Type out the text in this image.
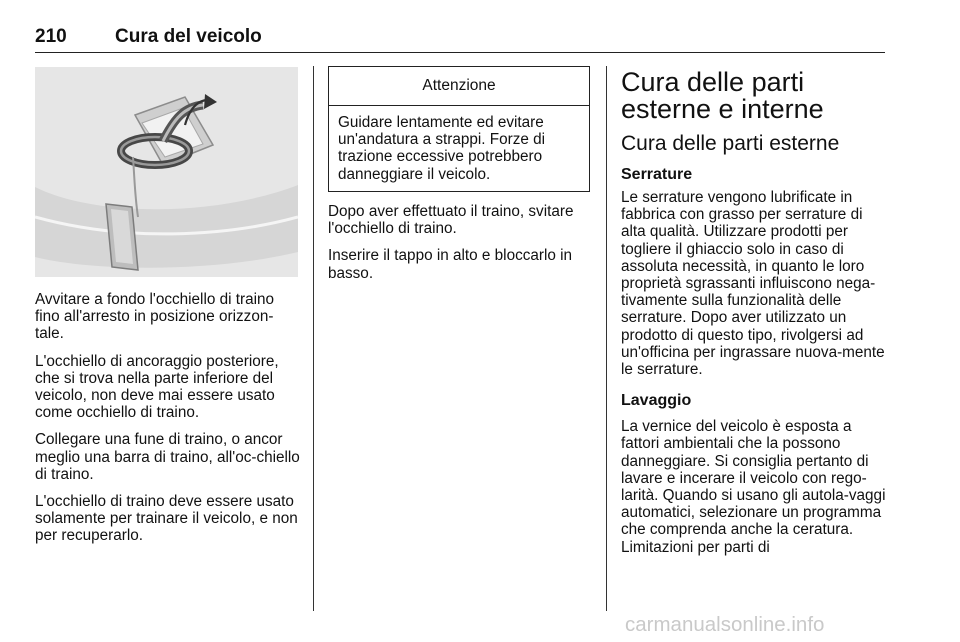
210	Cura del veicolo

Avvitare a fondo l'occhiello di traino fino all'arresto in posizione orizzon-tale.

L'occhiello di ancoraggio posteriore, che si trova nella parte inferiore del veicolo, non deve mai essere usato come occhiello di traino.

Collegare una fune di traino, o ancor meglio una barra di traino, all'oc-chiello di traino.

L'occhiello di traino deve essere usato solamente per trainare il veicolo, e non per recuperarlo.

Attenzione
Guidare lentamente ed evitare un'andatura a strappi. Forze di trazione eccessive potrebbero danneggiare il veicolo.

Dopo aver effettuato il traino, svitare l'occhiello di traino.

Inserire il tappo in alto e bloccarlo in basso.

Cura delle parti esterne e interne
Cura delle parti esterne
Serrature

Le serrature vengono lubrificate in fabbrica con grasso per serrature di alta qualità. Utilizzare prodotti per togliere il ghiaccio solo in caso di assoluta necessità, in quanto le loro proprietà sgrassanti influiscono nega-tivamente sulla funzionalità delle serrature. Dopo aver utilizzato un prodotto di questo tipo, rivolgersi ad un'officina per ingrassare nuova-mente le serrature.

Lavaggio

La vernice del veicolo è esposta a fattori ambientali che la possono danneggiare. Si consiglia pertanto di lavare e incerare il veicolo con rego-larità. Quando si usano gli autola-vaggi automatici, selezionare un programma che comprenda anche la ceratura. Limitazioni per parti di

carmanualsonline.info
